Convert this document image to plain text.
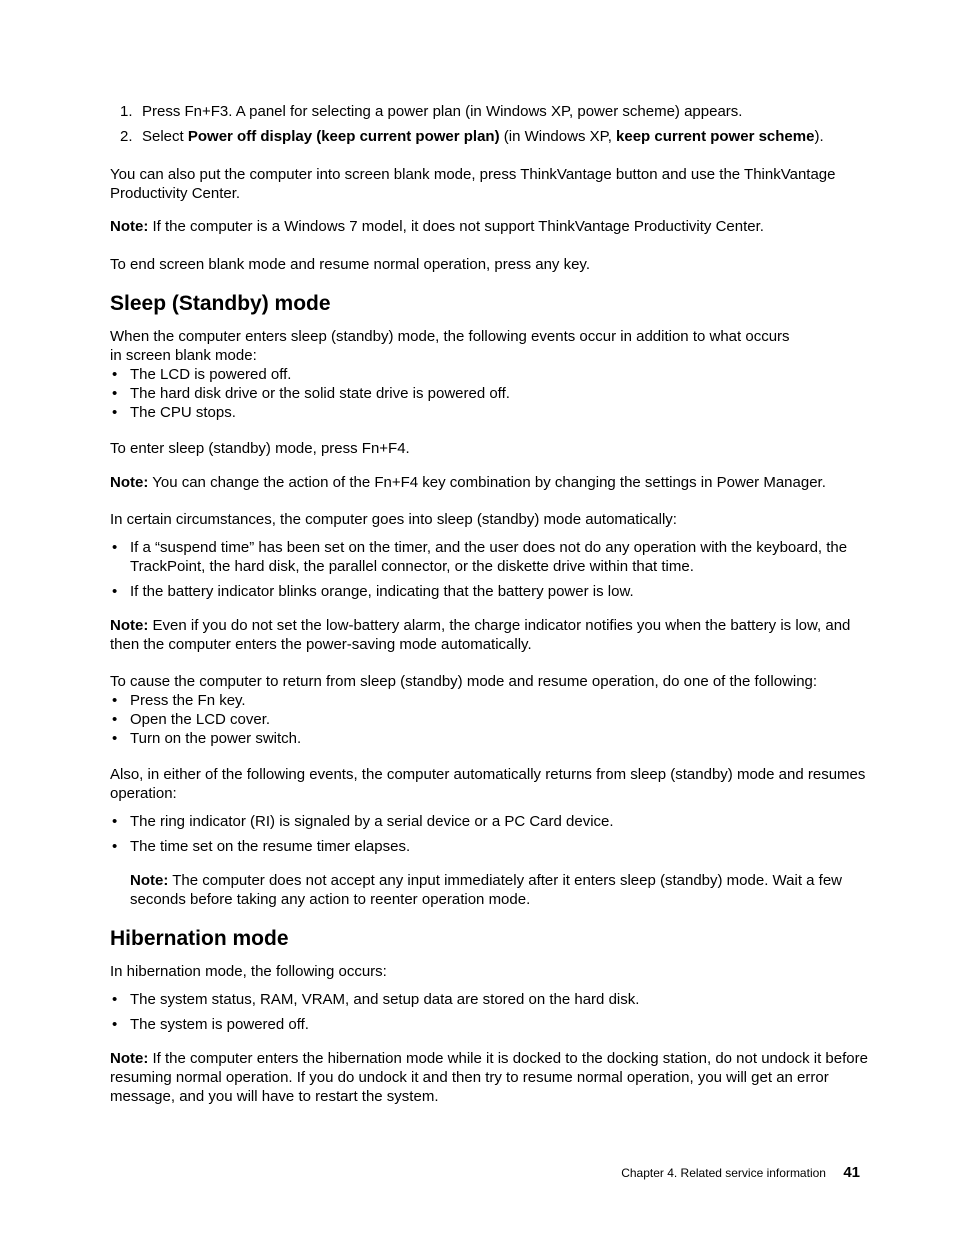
1. Press Fn+F3. A panel for selecting a power plan (in Windows XP, power scheme) appears.
2. Select Power off display (keep current power plan) (in Windows XP, keep current power scheme).

You can also put the computer into screen blank mode, press ThinkVantage button and use the ThinkVantage Productivity Center.

Note: If the computer is a Windows 7 model, it does not support ThinkVantage Productivity Center.

To end screen blank mode and resume normal operation, press any key.

Sleep (Standby) mode

When the computer enters sleep (standby) mode, the following events occur in addition to what occurs

in screen blank mode:

• The LCD is powered off.
• The hard disk drive or the solid state drive is powered off.
• The CPU stops.

To enter sleep (standby) mode, press Fn+F4.

Note: You can change the action of the Fn+F4 key combination by changing the settings in Power Manager.

In certain circumstances, the computer goes into sleep (standby) mode automatically:

• If a “suspend time” has been set on the timer, and the user does not do any operation with the keyboard, the TrackPoint, the hard disk, the parallel connector, or the diskette drive within that time.
• If the battery indicator blinks orange, indicating that the battery power is low.

Note: Even if you do not set the low-battery alarm, the charge indicator notifies you when the battery is low, and then the computer enters the power-saving mode automatically.

To cause the computer to return from sleep (standby) mode and resume operation, do one of the following:

• Press the Fn key.
• Open the LCD cover.
• Turn on the power switch.

Also, in either of the following events, the computer automatically returns from sleep (standby) mode and resumes operation:

• The ring indicator (RI) is signaled by a serial device or a PC Card device.
• The time set on the resume timer elapses.

Note: The computer does not accept any input immediately after it enters sleep (standby) mode. Wait a few seconds before taking any action to reenter operation mode.

Hibernation mode

In hibernation mode, the following occurs:

• The system status, RAM, VRAM, and setup data are stored on the hard disk.
• The system is powered off.

Note: If the computer enters the hibernation mode while it is docked to the docking station, do not undock it before resuming normal operation. If you do undock it and then try to resume normal operation, you will get an error message, and you will have to restart the system.

Chapter 4. Related service information 41
